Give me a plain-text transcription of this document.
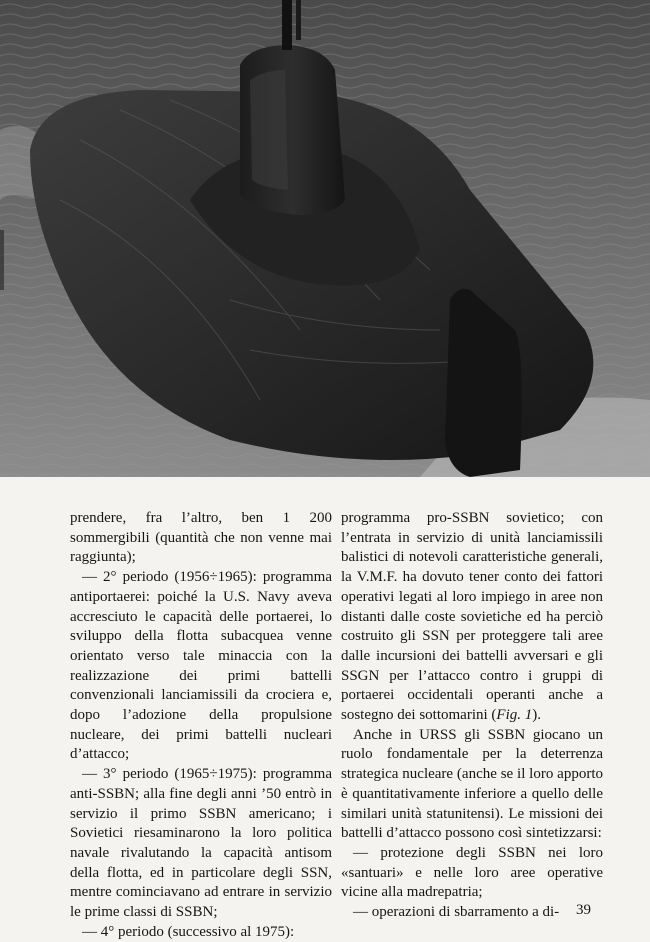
prendere, fra l’altro, ben 1 200 sommergibili (quantità che non venne mai raggiunta);

— 2° periodo (1956÷1965): programma antiportaerei: poiché la U.S. Navy aveva accresciuto le capacità delle portaerei, lo sviluppo della flotta subacquea venne orientato verso tale minaccia con la realizzazione dei primi battelli convenzionali lanciamissili da crociera e, dopo l’adozione della propulsione nucleare, dei primi battelli nucleari d’attacco;

— 3° periodo (1965÷1975): programma anti-SSBN; alla fine degli anni ’50 entrò in servizio il primo SSBN americano; i Sovietici riesaminarono la loro politica navale rivalutando la capacità antisom della flotta, ed in particolare degli SSN, mentre cominciavano ad entrare in servizio le prime classi di SSBN;

— 4° periodo (successivo al 1975):

programma pro-SSBN sovietico; con l’entrata in servizio di unità lanciamissili balistici di notevoli caratteristiche generali, la V.M.F. ha dovuto tener conto dei fattori operativi legati al loro impiego in aree non distanti dalle coste sovietiche ed ha perciò costruito gli SSN per proteggere tali aree dalle incursioni dei battelli avversari e gli SSGN per l’attacco contro i gruppi di portaerei occidentali operanti anche a sostegno dei sottomarini (Fig. 1).

Anche in URSS gli SSBN giocano un ruolo fondamentale per la deterrenza strategica nucleare (anche se il loro apporto è quantitativamente inferiore a quello delle similari unità statunitensi). Le missioni dei battelli d’attacco possono così sintetizzarsi:

— protezione degli SSBN nei loro «santuari» e nelle loro aree operative vicine alla madrepatria;

— operazioni di sbarramento a di-	39
